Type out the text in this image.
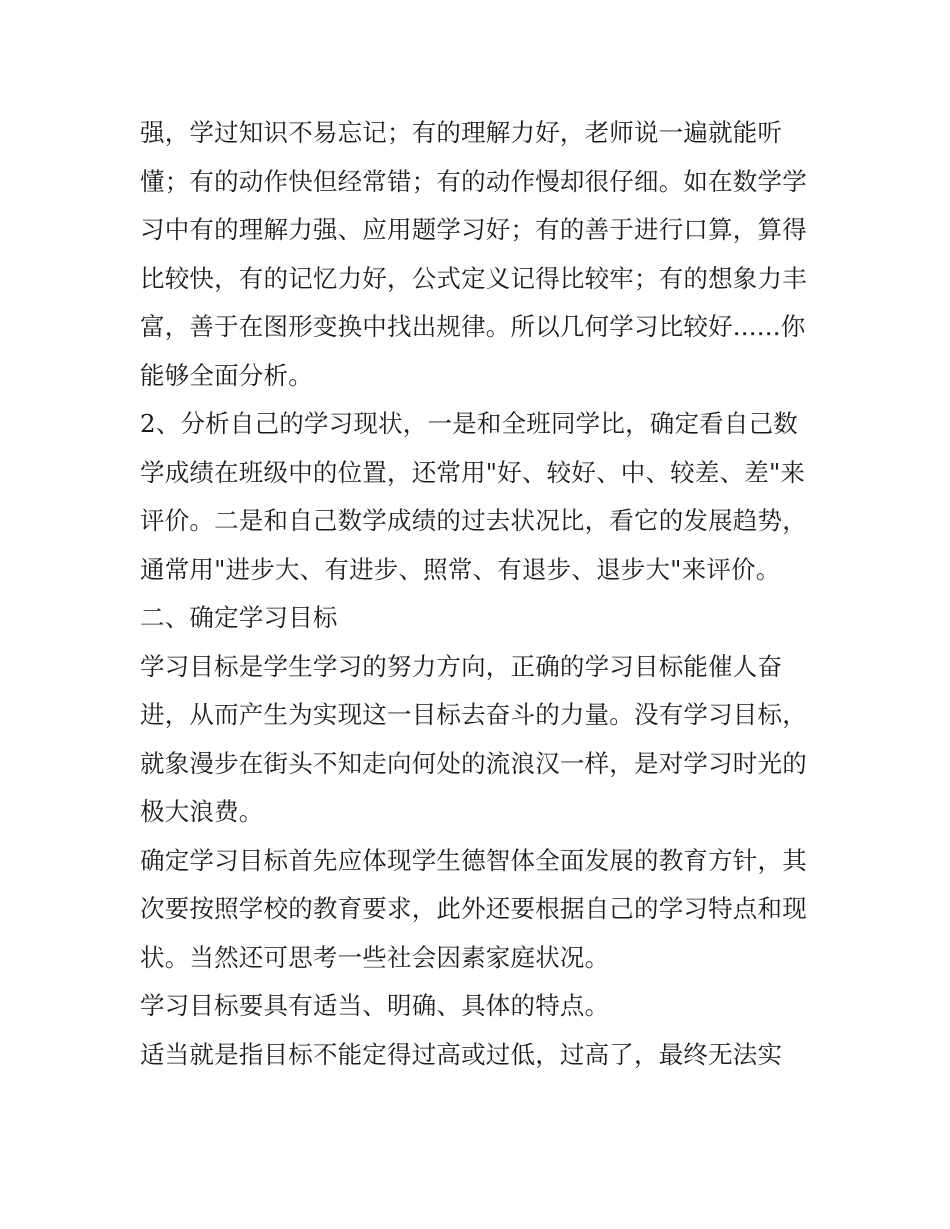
强，学过知识不易忘记；有的理解力好，老师说一遍就能听
懂；有的动作快但经常错；有的动作慢却很仔细。如在数学学
习中有的理解力强、应用题学习好；有的善于进行口算，算得
比较快，有的记忆力好，公式定义记得比较牢；有的想象力丰
富，善于在图形变换中找出规律。所以几何学习比较好......你
能够全面分析。
2、分析自己的学习现状，一是和全班同学比，确定看自己数
学成绩在班级中的位置，还常用"好、较好、中、较差、差"来
评价。二是和自己数学成绩的过去状况比，看它的发展趋势，
通常用"进步大、有进步、照常、有退步、退步大"来评价。
二、确定学习目标
学习目标是学生学习的努力方向，正确的学习目标能催人奋
进，从而产生为实现这一目标去奋斗的力量。没有学习目标，
就象漫步在街头不知走向何处的流浪汉一样，是对学习时光的
极大浪费。
确定学习目标首先应体现学生德智体全面发展的教育方针，其
次要按照学校的教育要求，此外还要根据自己的学习特点和现
状。当然还可思考一些社会因素家庭状况。
学习目标要具有适当、明确、具体的特点。
适当就是指目标不能定得过高或过低，过高了，最终无法实
